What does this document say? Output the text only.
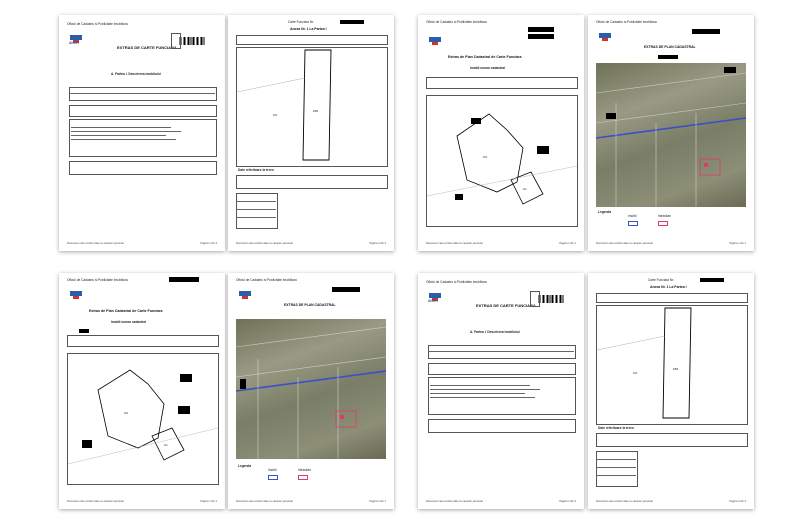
Oficiul de Cadastru si Publicitate Imobiliara
ANCPI
EXTRAS DE CARTE FUNCIARA
A. Partea I. Descrierea imobilului
Document care contine date cu caracter personal	Pagina 1 din 3
Carte Funciara Nr.
Anexa Nr. 1 La Partea I
CC
150
Date referitoare la teren
Document care contine date cu caracter personal	Pagina 2 din 3
Oficiul de Cadastru si Publicitate Imobiliara
Extras de Plan Cadastral de Carte Funciara
Imobil numar cadastral
CC
Cc
Document care contine date cu caracter personal	Pagina 1 din 1
Oficiul de Cadastru si Publicitate Imobiliara
EXTRAS DE PLAN CADASTRAL
Legenda
Imobil	Intravilan
Document care contine date cu caracter personal	Pagina 1 din 1
Oficiul de Cadastru si Publicitate Imobiliara
Extras de Plan Cadastral de Carte Funciara
Imobil numar cadastral
CC
Cc
Document care contine date cu caracter personal	Pagina 1 din 1
Oficiul de Cadastru si Publicitate Imobiliara
EXTRAS DE PLAN CADASTRAL
Legenda
Imobil	Intravilan
Document care contine date cu caracter personal	Pagina 1 din 1
Oficiul de Cadastru si Publicitate Imobiliara
ANCPI
EXTRAS DE CARTE FUNCIARA
A. Partea I. Descrierea imobilului
Document care contine date cu caracter personal	Pagina 1 din 3
Carte Funciara Nr.
Anexa Nr. 1 La Partea I
CC
150
Date referitoare la teren
Document care contine date cu caracter personal	Pagina 2 din 3
